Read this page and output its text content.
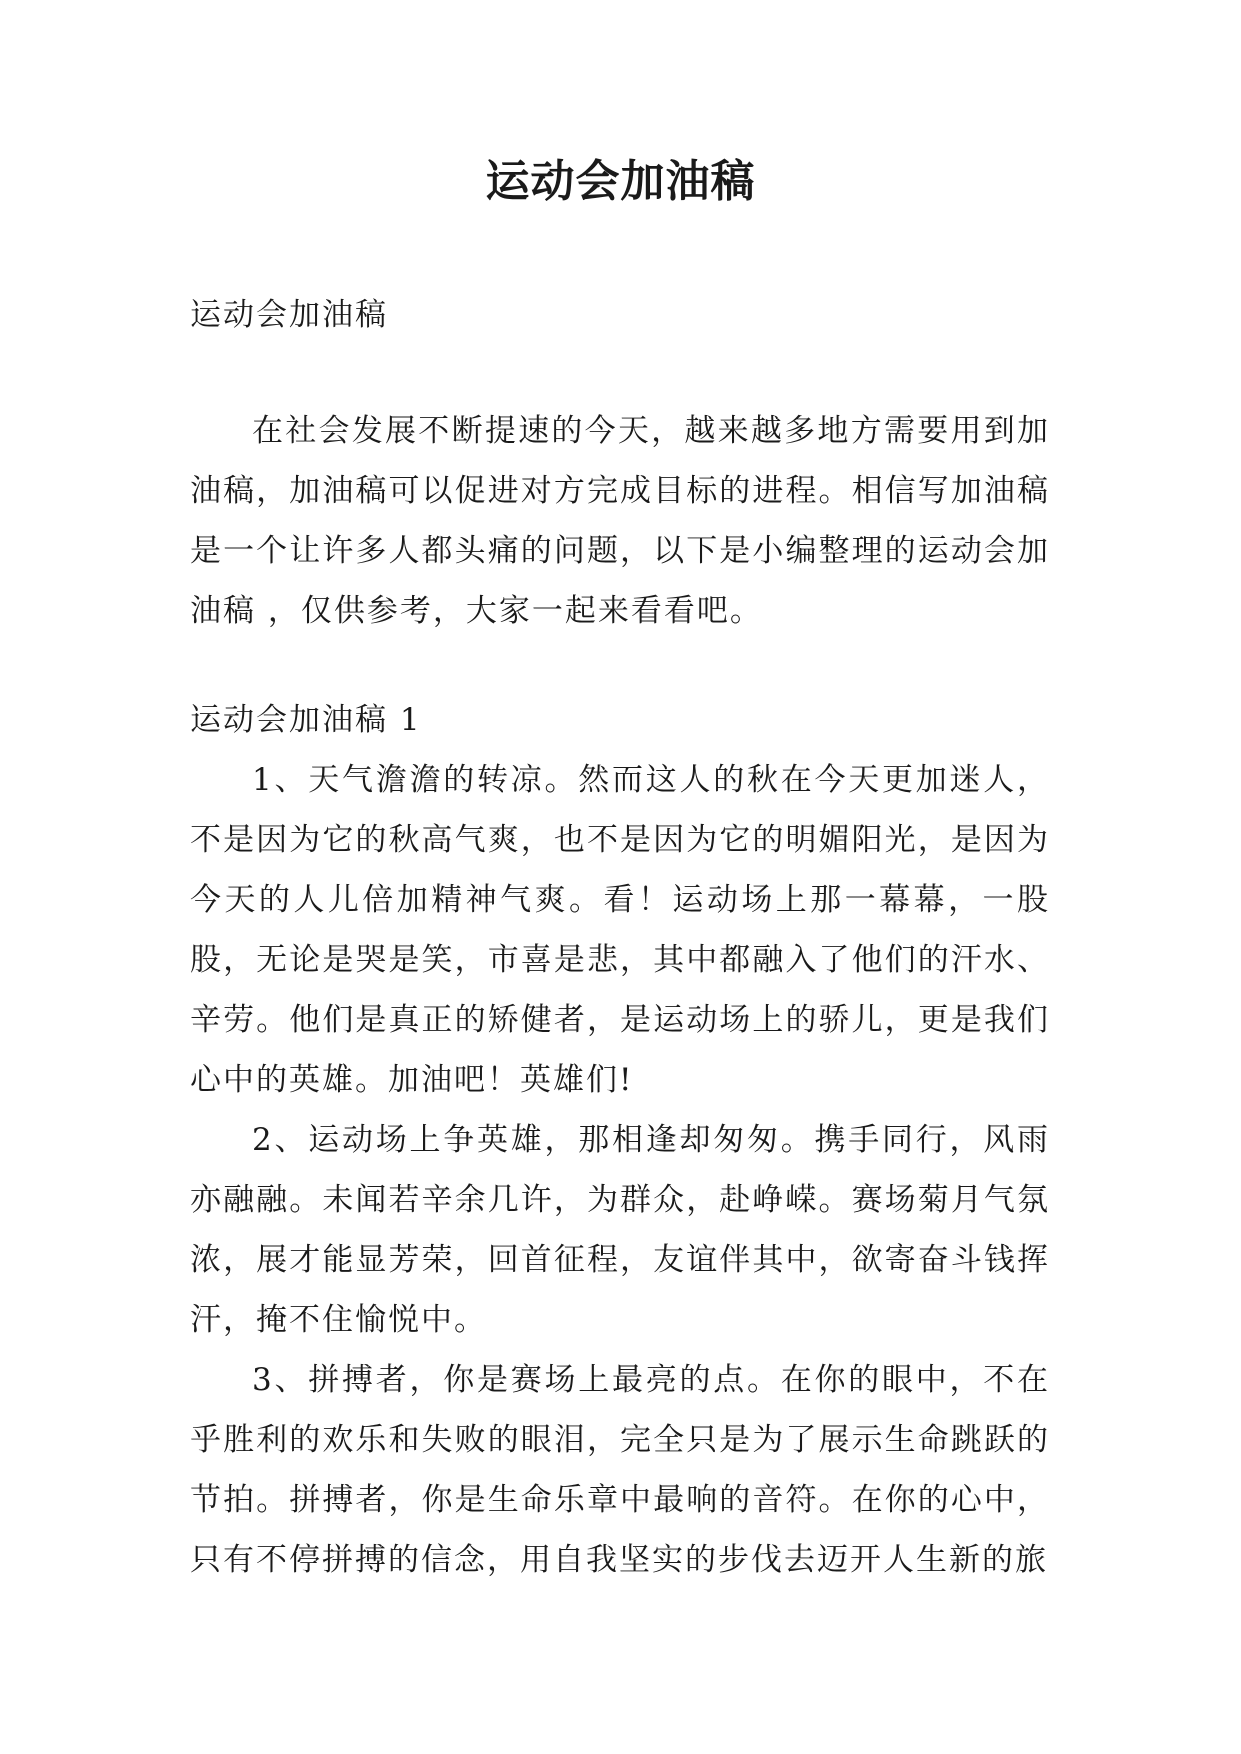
运动会加油稿

运动会加油稿

在社会发展不断提速的今天，越来越多地方需要用到加油稿，加油稿可以促进对方完成目标的进程。相信写加油稿是一个让许多人都头痛的问题，以下是小编整理的运动会加油稿 ，仅供参考，大家一起来看看吧。

运动会加油稿 1

1、天气澹澹的转凉。然而这人的秋在今天更加迷人，不是因为它的秋高气爽，也不是因为它的明媚阳光，是因为今天的人儿倍加精神气爽。看！运动场上那一幕幕，一股股，无论是哭是笑，市喜是悲，其中都融入了他们的汗水、辛劳。他们是真正的矫健者，是运动场上的骄儿，更是我们心中的英雄。加油吧！英雄们!

2、运动场上争英雄，那相逢却匆匆。携手同行，风雨亦融融。未闻若辛余几许，为群众，赴峥嵘。赛场菊月气氛浓，展才能显芳荣，回首征程，友谊伴其中，欲寄奋斗钱挥汗，掩不住愉悦中。

3、拼搏者，你是赛场上最亮的点。在你的眼中，不在乎胜利的欢乐和失败的眼泪，完全只是为了展示生命跳跃的节拍。拼搏者，你是生命乐章中最响的音符。在你的心中，只有不停拼搏的信念，用自我坚实的步伐去迈开人生新的旅
